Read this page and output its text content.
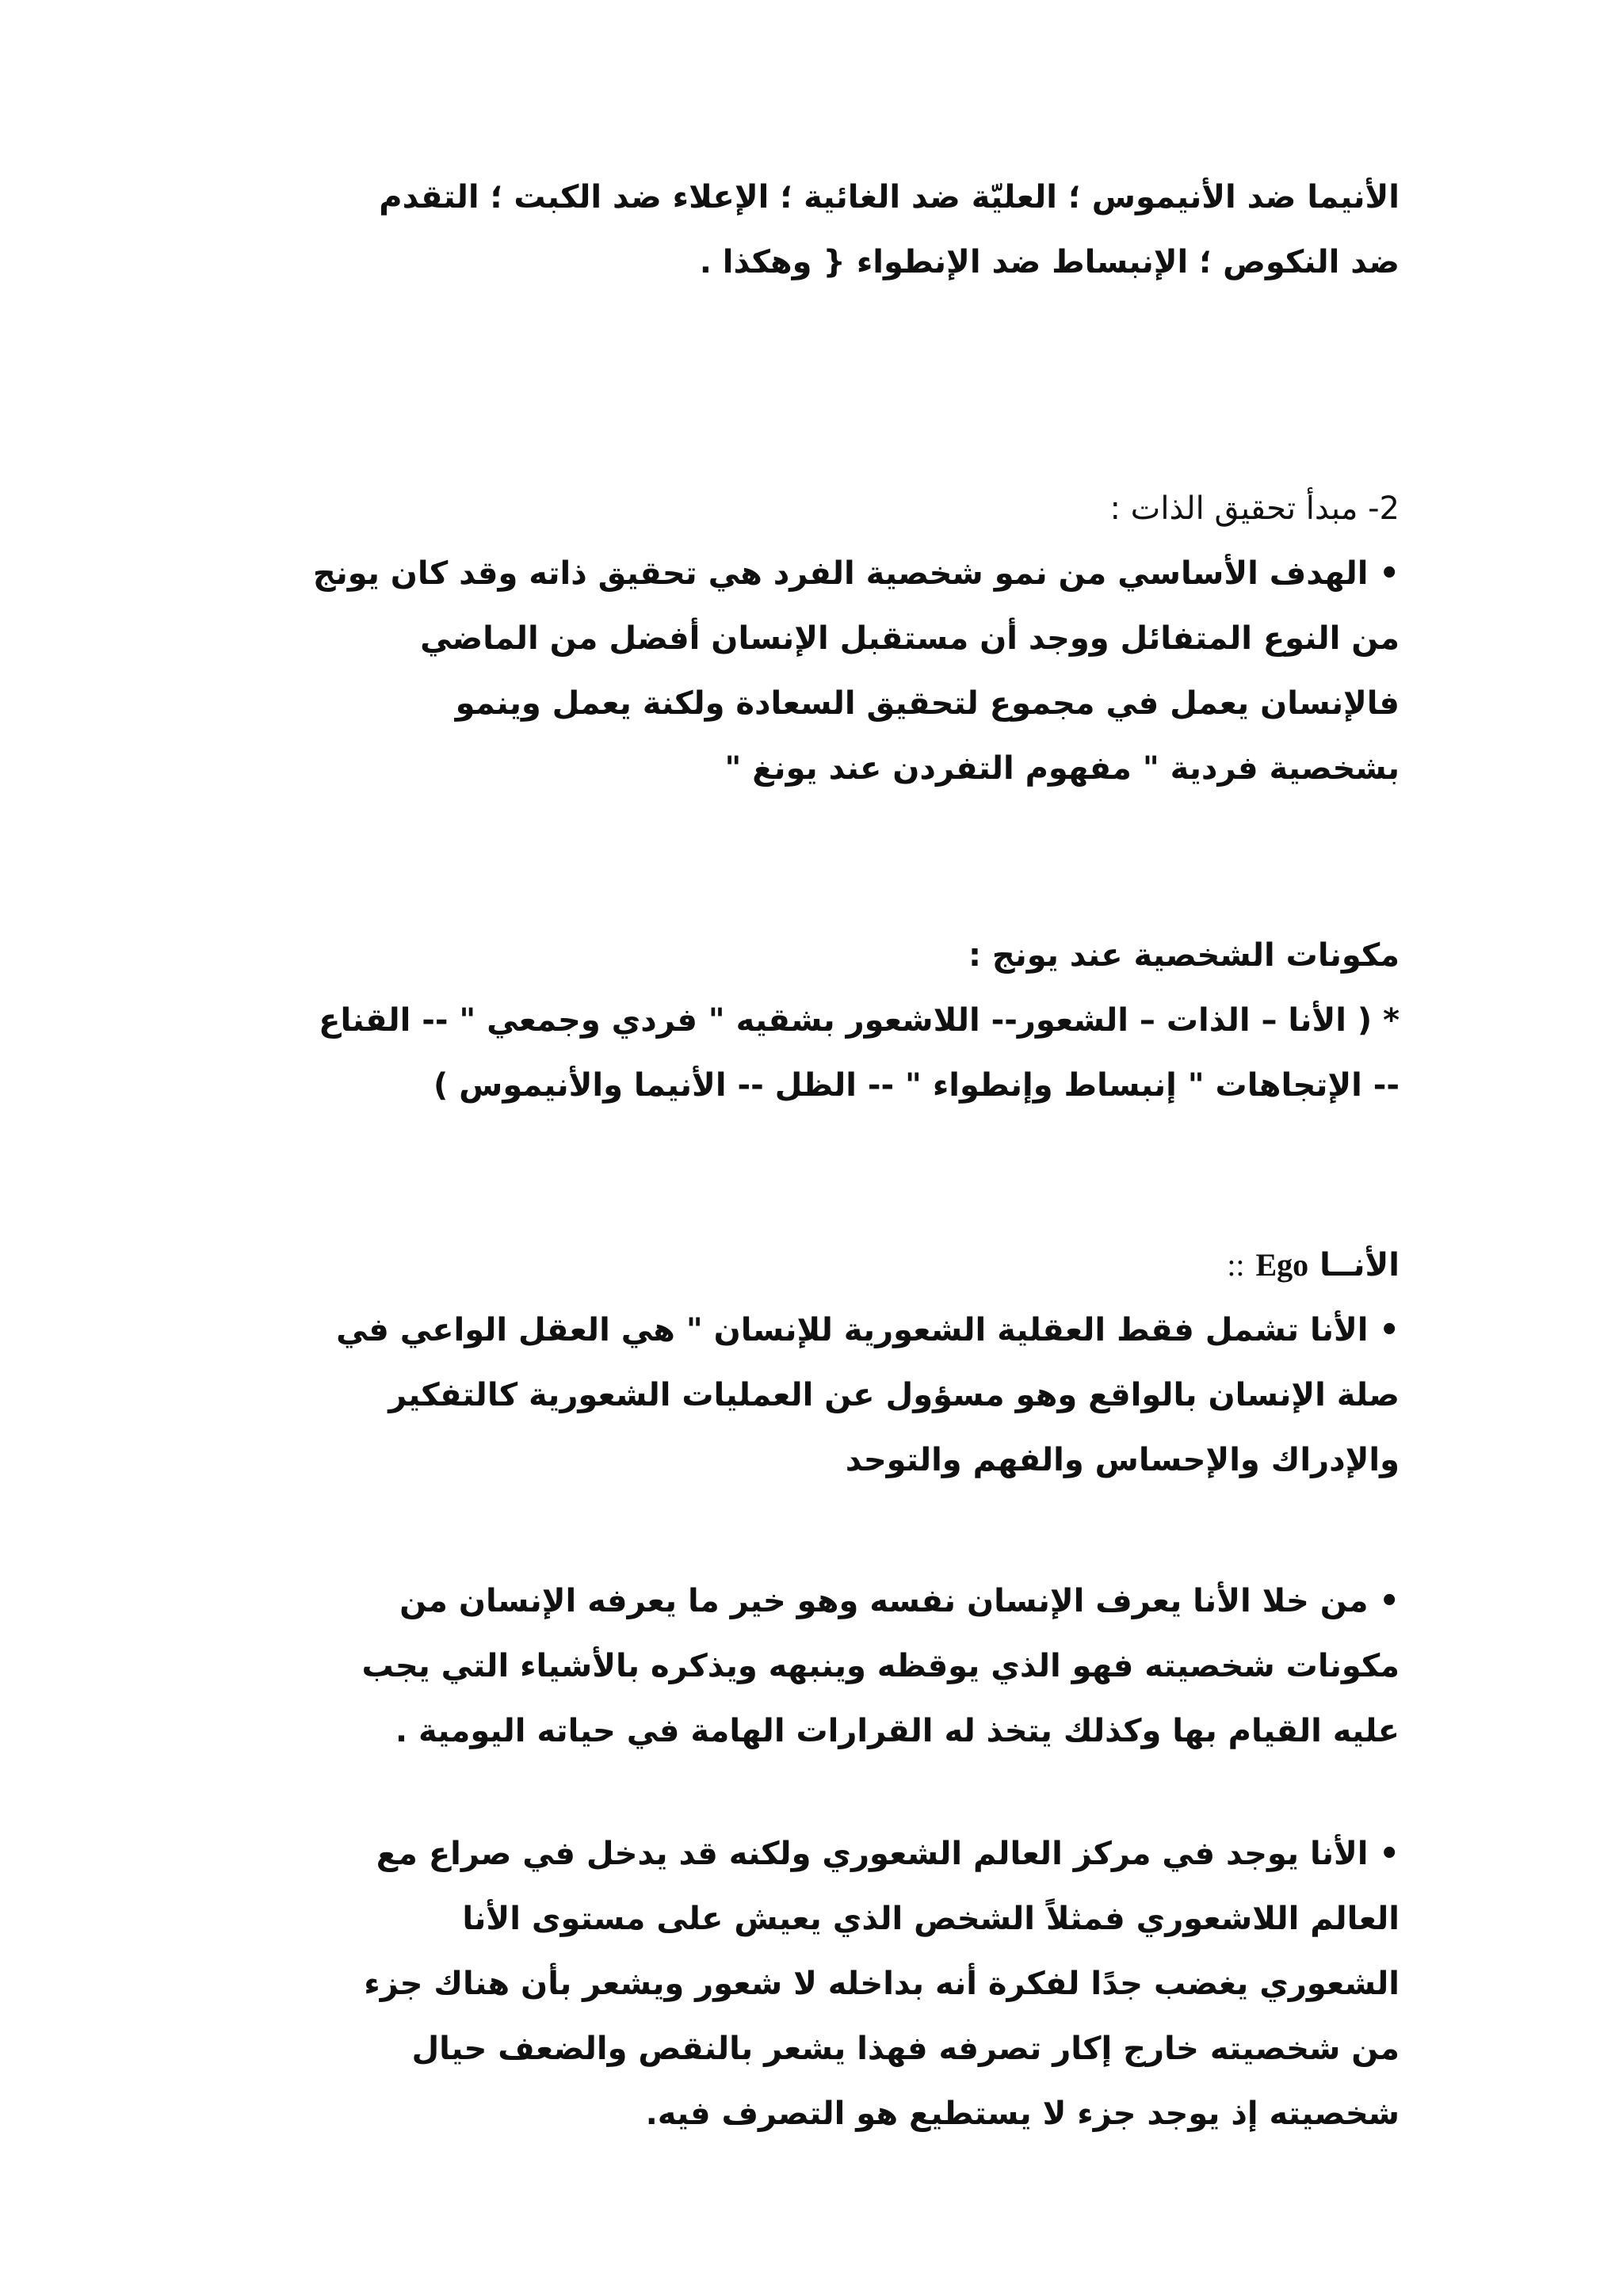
الأنيما ضد الأنيموس ؛ العليّة ضد الغائية ؛ الإعلاء ضد الكبت ؛ التقدم
ضد النكوص ؛ الإنبساط ضد الإنطواء { وهكذا .
2- مبدأ تحقيق الذات :
• الهدف الأساسي من نمو شخصية الفرد هي تحقيق ذاته وقد كان يونج
من النوع المتفائل ووجد أن مستقبل الإنسان أفضل من الماضي
فالإنسان يعمل في مجموع لتحقيق السعادة ولكنة يعمل وينمو
بشخصية فردية " مفهوم التفردن عند يونغ "
مكونات الشخصية عند يونج :
* ( الأنا – الذات – الشعور-- اللاشعور بشقيه " فردي وجمعي " -- القناع
-- الإتجاهات " إنبساط وإنطواء " -- الظل -- الأنيما والأنيموس )
الأنــا Ego ::
• الأنا تشمل فقط العقلية الشعورية للإنسان " هي العقل الواعي في
صلة الإنسان بالواقع وهو مسؤول عن العمليات الشعورية كالتفكير
والإدراك والإحساس والفهم والتوحد
• من خلا الأنا يعرف الإنسان نفسه وهو خير ما يعرفه الإنسان من
مكونات شخصيته فهو الذي يوقظه وينبهه ويذكره بالأشياء التي يجب
عليه القيام بها وكذلك يتخذ له القرارات الهامة في حياته اليومية .
• الأنا يوجد في مركز العالم الشعوري ولكنه قد يدخل في صراع مع
العالم اللاشعوري فمثلاً الشخص الذي يعيش على مستوى الأنا
الشعوري يغضب جدًا لفكرة أنه بداخله لا شعور ويشعر بأن هناك جزء
من شخصيته خارج إكار تصرفه فهذا يشعر بالنقص والضعف حيال
شخصيته إذ يوجد جزء لا يستطيع هو التصرف فيه.
